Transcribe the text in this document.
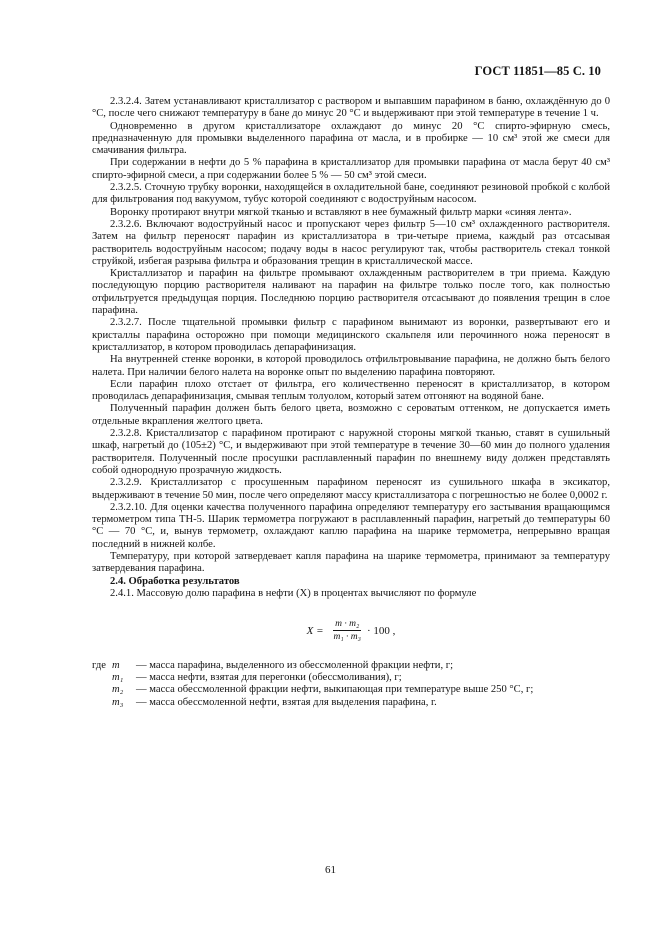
ГОСТ 11851—85 С. 10

2.3.2.4. Затем устанавливают кристаллизатор с раствором и выпавшим парафином в баню, охлаждённую до 0 °С, после чего снижают температуру в бане до минус 20 °С и выдерживают при этой температуре в течение 1 ч.

Одновременно в другом кристаллизаторе охлаждают до минус 20 °С спирто-эфирную смесь, предназначенную для промывки выделенного парафина от масла, и в пробирке — 10 см³ этой же смеси для смачивания фильтра.

При содержании в нефти до 5 % парафина в кристаллизатор для промывки парафина от масла берут 40 см³ спирто-эфирной смеси, а при содержании более 5 % — 50 см³ этой смеси.

2.3.2.5. Сточную трубку воронки, находящейся в охладительной бане, соединяют резиновой пробкой с колбой для фильтрования под вакуумом, тубус которой соединяют с водоструйным насосом.

Воронку протирают внутри мягкой тканью и вставляют в нее бумажный фильтр марки «синяя лента».

2.3.2.6. Включают водоструйный насос и пропускают через фильтр 5—10 см³ охлажденного растворителя. Затем на фильтр переносят парафин из кристаллизатора в три-четыре приема, каждый раз отсасывая растворитель водоструйным насосом; подачу воды в насос регулируют так, чтобы растворитель стекал тонкой струйкой, избегая разрыва фильтра и образования трещин в кристаллической массе.

Кристаллизатор и парафин на фильтре промывают охлажденным растворителем в три приема. Каждую последующую порцию растворителя наливают на парафин на фильтре только после того, как полностью отфильтруется предыдущая порция. Последнюю порцию растворителя отсасывают до появления трещин в слое парафина.

2.3.2.7. После тщательной промывки фильтр с парафином вынимают из воронки, развертывают его и кристаллы парафина осторожно при помощи медицинского скальпеля или перочинного ножа переносят в кристаллизатор, в котором проводилась депарафинизация.

На внутренней стенке воронки, в которой проводилось отфильтровывание парафина, не должно быть белого налета. При наличии белого налета на воронке опыт по выделению парафина повторяют.

Если парафин плохо отстает от фильтра, его количественно переносят в кристаллизатор, в котором проводилась депарафинизация, смывая теплым толуолом, который затем отгоняют на водяной бане.

Полученный парафин должен быть белого цвета, возможно с сероватым оттенком, не допускается иметь отдельные вкрапления желтого цвета.

2.3.2.8. Кристаллизатор с парафином протирают с наружной стороны мягкой тканью, ставят в сушильный шкаф, нагретый до (105±2) °С, и выдерживают при этой температуре в течение 30—60 мин до полного удаления растворителя. Полученный после просушки расплавленный парафин по внешнему виду должен представлять собой однородную прозрачную жидкость.

2.3.2.9. Кристаллизатор с просушенным парафином переносят из сушильного шкафа в эксикатор, выдерживают в течение 50 мин, после чего определяют массу кристаллизатора с погрешностью не более 0,0002 г.

2.3.2.10. Для оценки качества полученного парафина определяют температуру его застывания вращающимся термометром типа ТН-5. Шарик термометра погружают в расплавленный парафин, нагретый до температуры 60 °С — 70 °С, и, вынув термометр, охлаждают каплю парафина на шарике термометра, непрерывно вращая последний в нижней колбе.

Температуру, при которой затвердевает капля парафина на шарике термометра, принимают за температуру затвердевания парафина.

2.4. Обработка результатов

2.4.1. Массовую долю парафина в нефти (X) в процентах вычисляют по формуле

$X = \frac{\text{m · m₂}}{\text{m₁ · m₃}} \cdot 100$ ,
где m	— масса парафина, выделенного из обессмоленной фракции нефти, г;
m₁	— масса нефти, взятая для перегонки (обессмоливания), г;
m₂	— масса обессмоленной фракции нефти, выкипающая при температуре выше 250 °С, г;
m₃	— масса обессмоленной нефти, взятая для выделения парафина, г.
61
